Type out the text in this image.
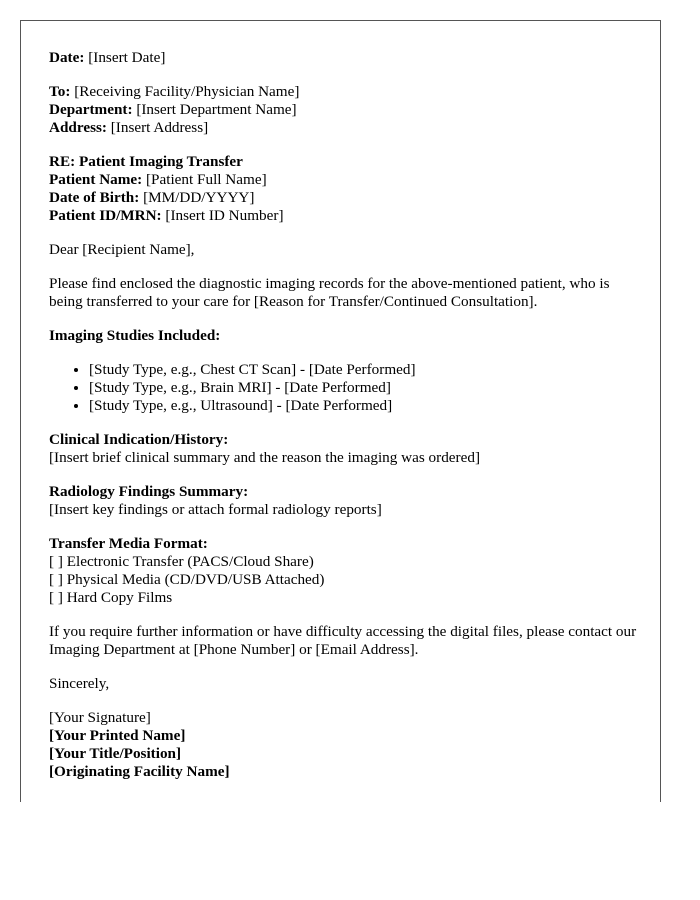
Date: [Insert Date]
To: [Receiving Facility/Physician Name]
Department: [Insert Department Name]
Address: [Insert Address]
RE: Patient Imaging Transfer
Patient Name: [Patient Full Name]
Date of Birth: [MM/DD/YYYY]
Patient ID/MRN: [Insert ID Number]
Dear [Recipient Name],
Please find enclosed the diagnostic imaging records for the above-mentioned patient, who is being transferred to your care for [Reason for Transfer/Continued Consultation].
Imaging Studies Included:
• [Study Type, e.g., Chest CT Scan] - [Date Performed]
• [Study Type, e.g., Brain MRI] - [Date Performed]
• [Study Type, e.g., Ultrasound] - [Date Performed]
Clinical Indication/History:
[Insert brief clinical summary and the reason the imaging was ordered]
Radiology Findings Summary:
[Insert key findings or attach formal radiology reports]
Transfer Media Format:
[ ] Electronic Transfer (PACS/Cloud Share)
[ ] Physical Media (CD/DVD/USB Attached)
[ ] Hard Copy Films
If you require further information or have difficulty accessing the digital files, please contact our Imaging Department at [Phone Number] or [Email Address].
Sincerely,
[Your Signature]
[Your Printed Name]
[Your Title/Position]
[Originating Facility Name]
